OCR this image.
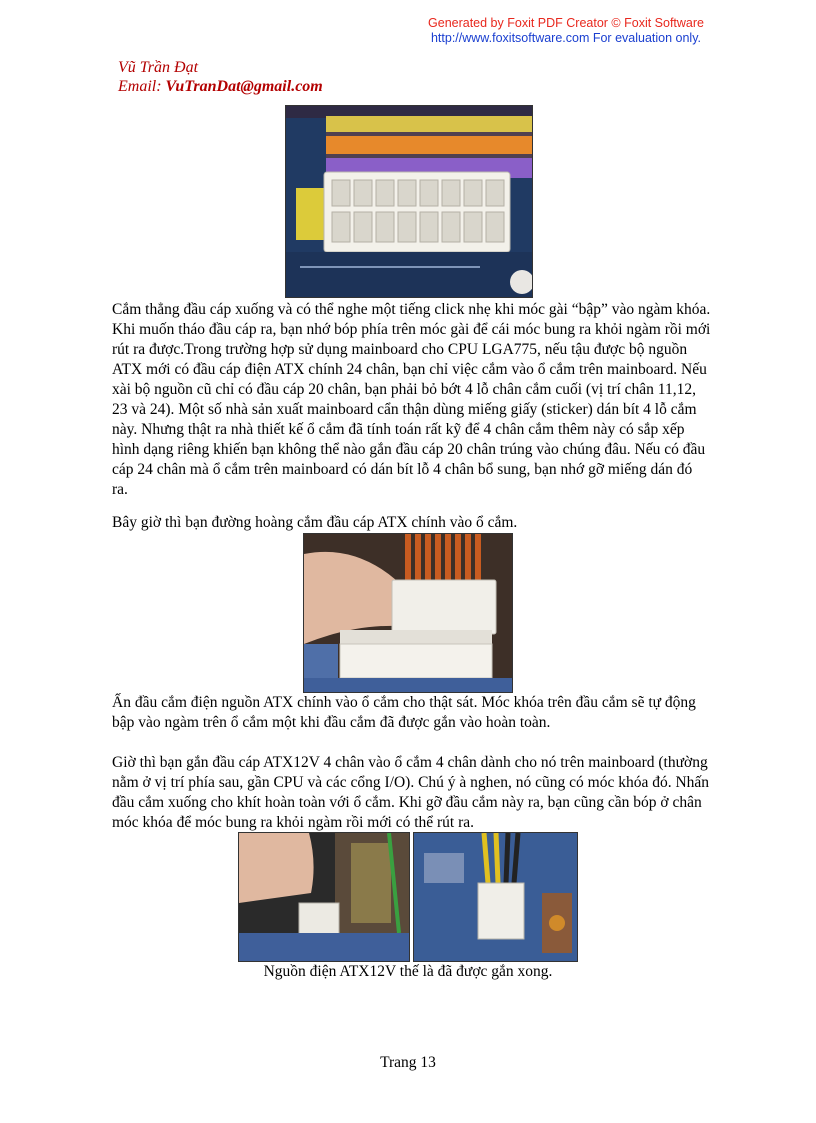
Generated by Foxit PDF Creator © Foxit Software
http://www.foxitsoftware.com For evaluation only.
Vũ Trần Đạt
Email: VuTranDat@gmail.com

Cắm thẳng đầu cáp xuống và có thể nghe một tiếng click nhẹ khi móc gài “bập” vào ngàm khóa. Khi muốn tháo đầu cáp ra, bạn nhớ bóp phía trên móc gài để cái móc bung ra khỏi ngàm rồi mới rút ra được.Trong trường hợp sử dụng mainboard cho CPU LGA775, nếu tậu được bộ nguồn ATX mới có đầu cáp điện ATX chính 24 chân, bạn chỉ việc cắm vào ổ cắm trên mainboard. Nếu xài bộ nguồn cũ chỉ có đầu cáp 20 chân, bạn phải bỏ bớt 4 lỗ chân cắm cuối (vị trí chân 11,12, 23 và 24). Một số nhà sản xuất mainboard cẩn thận dùng miếng giấy (sticker) dán bít 4 lỗ cắm này. Nhưng thật ra nhà thiết kế ổ cắm đã tính toán rất kỹ để 4 chân cắm thêm này có sắp xếp hình dạng riêng khiến bạn không thể nào gắn đầu cáp 20 chân trúng vào chúng đâu. Nếu có đầu cáp 24 chân mà ổ cắm trên mainboard có dán bít lỗ 4 chân bổ sung, bạn nhớ gỡ miếng dán đó ra.

Bây giờ thì bạn đường hoàng cắm đầu cáp ATX chính vào ổ cắm.

Ấn đầu cắm điện nguồn ATX chính vào ổ cắm cho thật sát. Móc khóa trên đầu cắm sẽ tự động bập vào ngàm trên ổ cắm một khi đầu cắm đã được gắn vào hoàn toàn.

Giờ thì bạn gắn đầu cáp ATX12V 4 chân vào ổ cắm 4 chân dành cho nó trên mainboard (thường nằm ở vị trí phía sau, gần CPU và các cổng I/O). Chú ý à nghen, nó cũng có móc khóa đó. Nhấn đầu cắm xuống cho khít hoàn toàn với ổ cắm. Khi gỡ đầu cắm này ra, bạn cũng cần bóp ở chân móc khóa để móc bung ra khỏi ngàm rồi mới có thể rút ra.

Nguồn điện ATX12V thế là đã được gắn xong.
Trang 13
